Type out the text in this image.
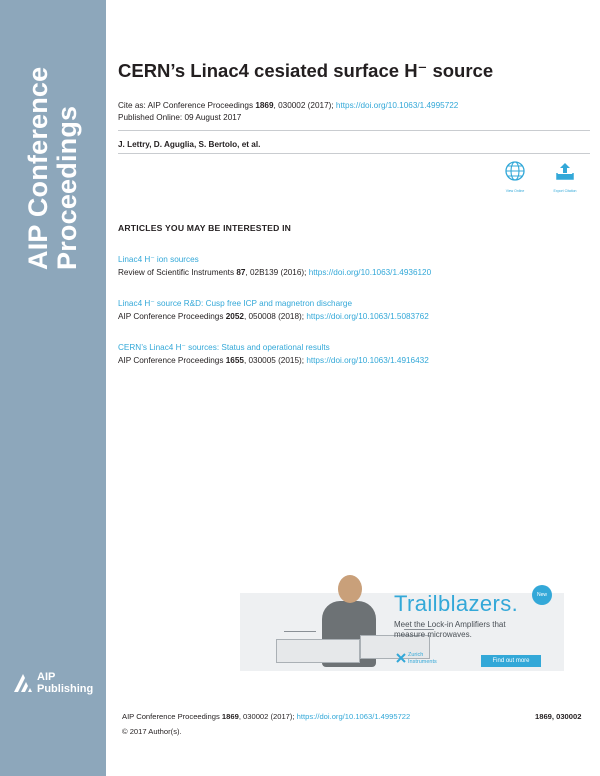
AIP Conference Proceedings
AIP
Publishing
CERN’s Linac4 cesiated surface H⁻ source
Cite as: AIP Conference Proceedings 1869, 030002 (2017); https://doi.org/10.1063/1.4995722
Published Online: 09 August 2017
J. Lettry, D. Aguglia, S. Bertolo, et al.
View Online	Export Citation
ARTICLES YOU MAY BE INTERESTED IN
Linac4 H⁻ ion sources
Review of Scientific Instruments 87, 02B139 (2016); https://doi.org/10.1063/1.4936120
Linac4 H⁻ source R&D: Cusp free ICP and magnetron discharge
AIP Conference Proceedings 2052, 050008 (2018); https://doi.org/10.1063/1.5083762
CERN’s Linac4 H⁻ sources: Status and operational results
AIP Conference Proceedings 1655, 030005 (2015); https://doi.org/10.1063/1.4916432
Trailblazers.	New
Meet the Lock-in Amplifiers that
measure microwaves.
Zurich
Instruments	Find out more
AIP Conference Proceedings 1869, 030002 (2017); https://doi.org/10.1063/1.4995722	1869, 030002
© 2017 Author(s).
